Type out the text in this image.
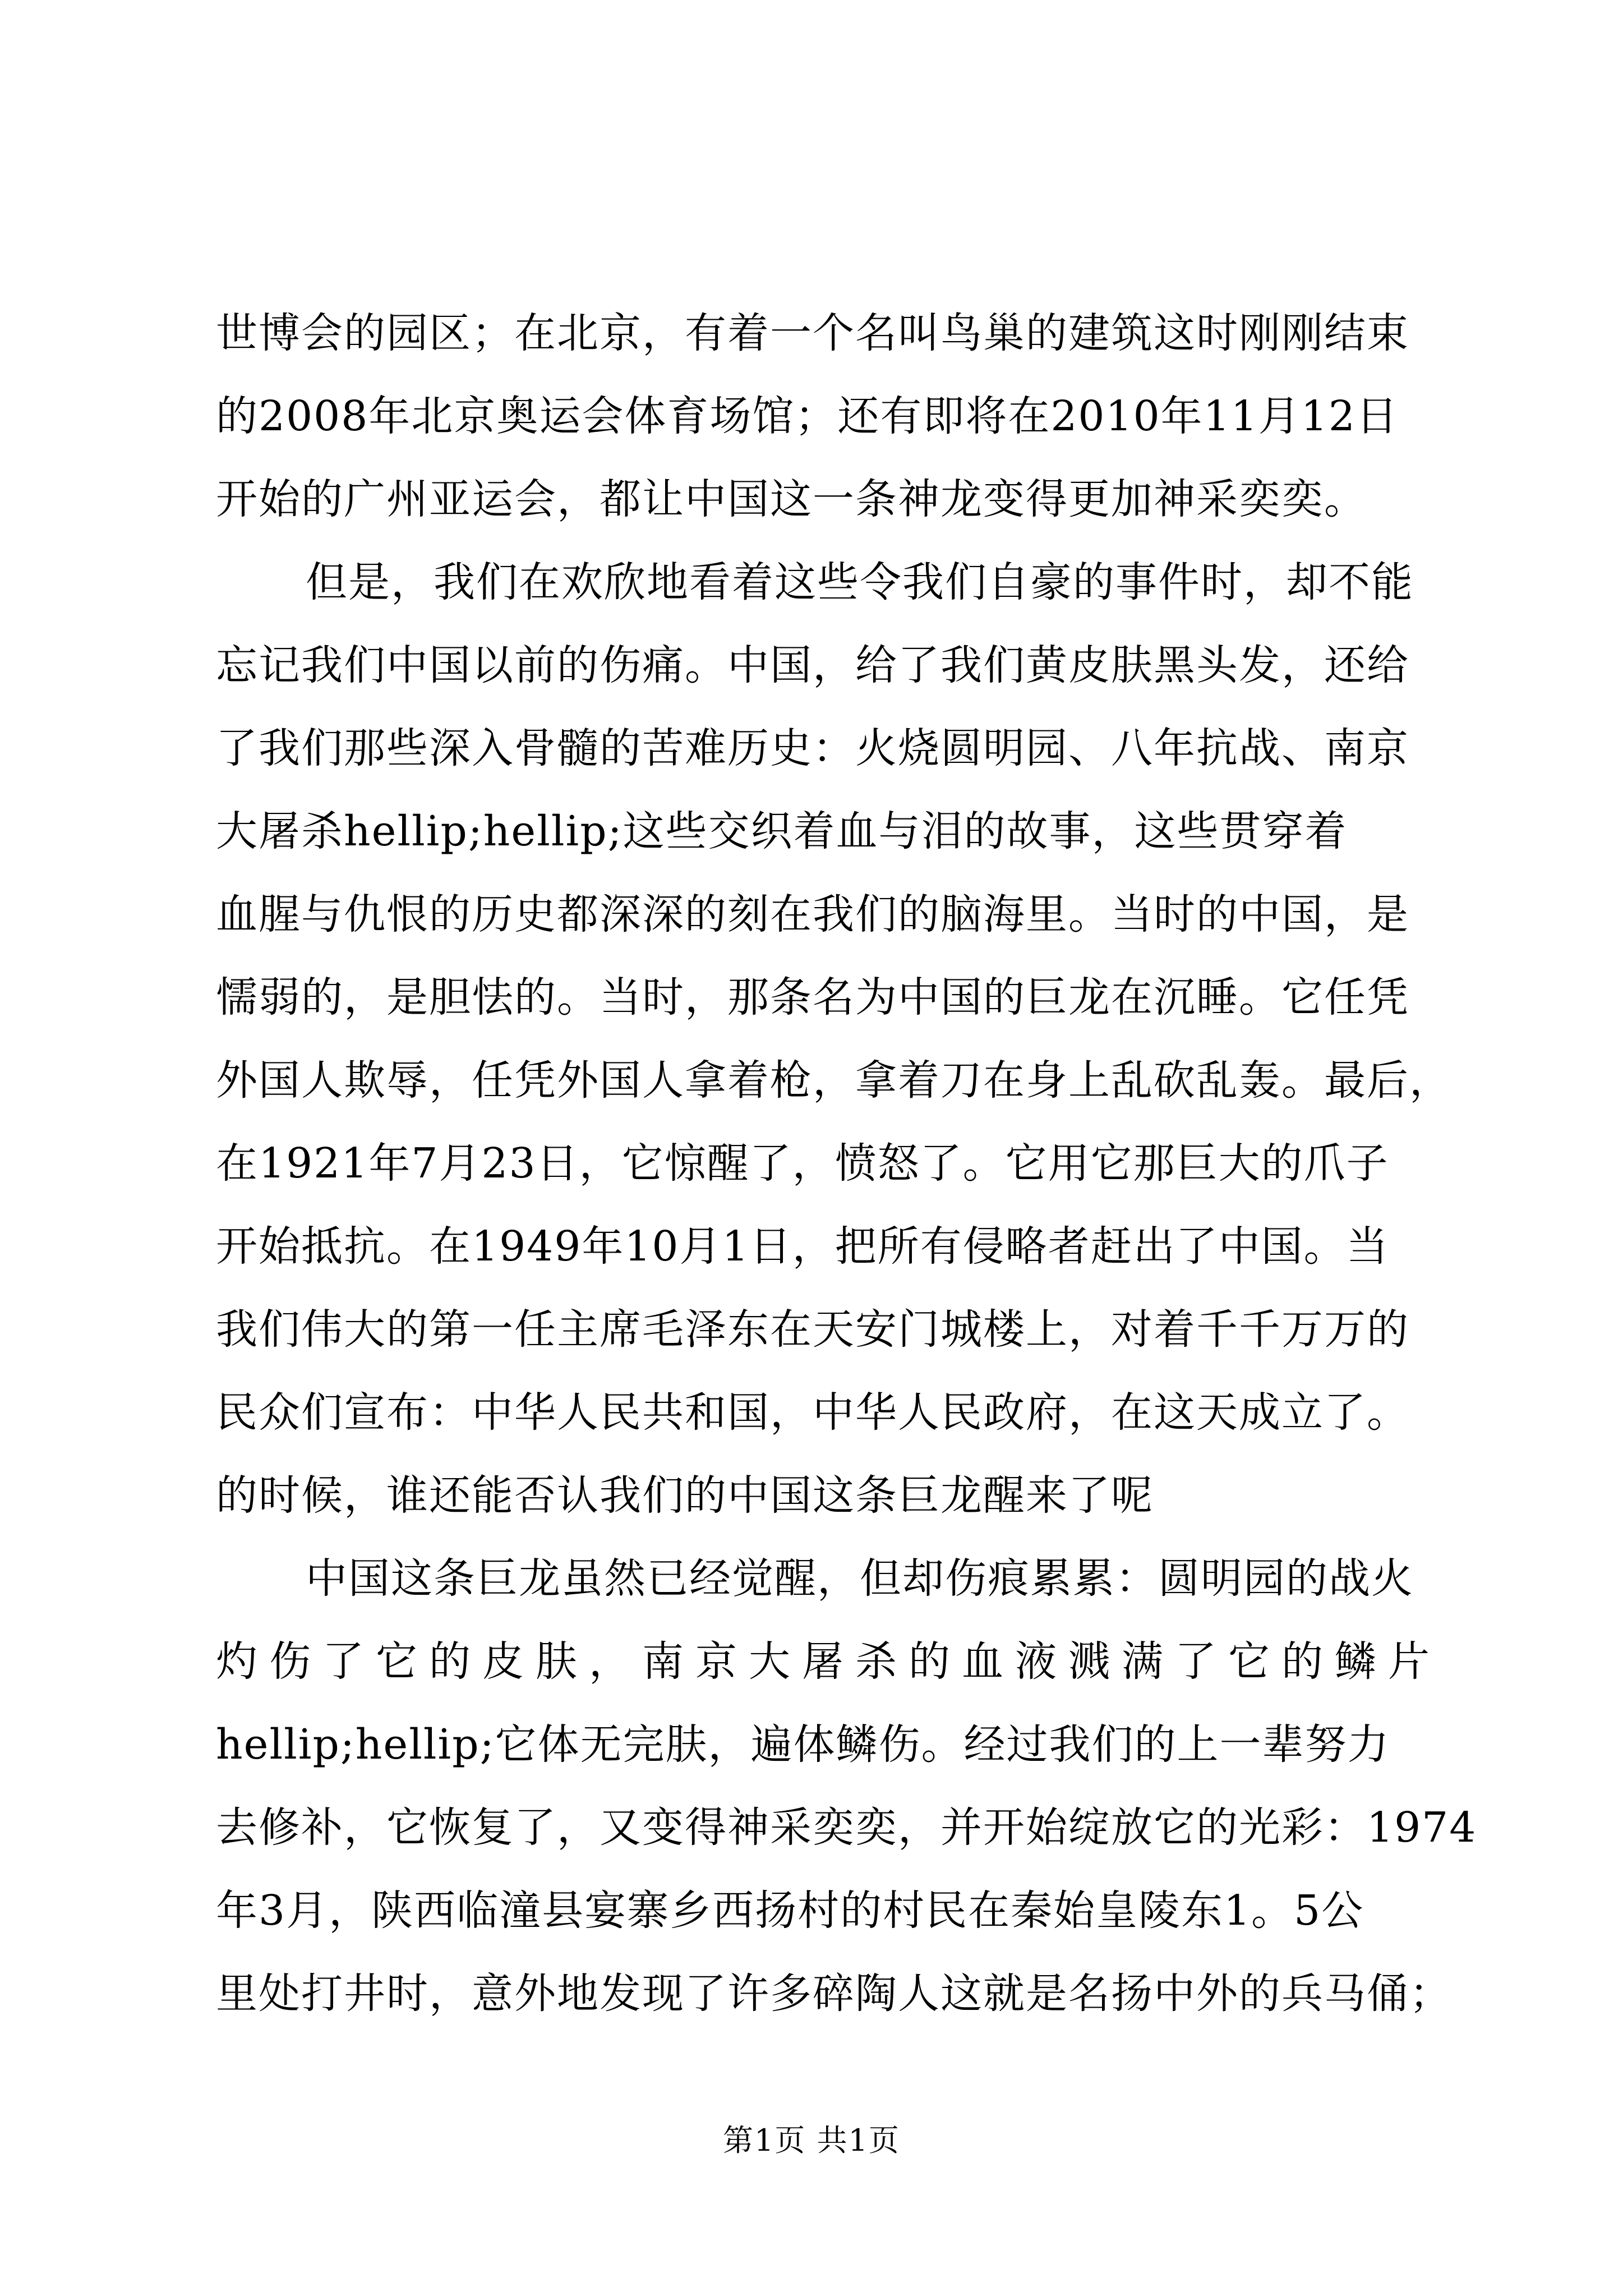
世博会的园区；在北京，有着一个名叫鸟巢的建筑这时刚刚结束
的2008年北京奥运会体育场馆；还有即将在2010年11月12日
开始的广州亚运会，都让中国这一条神龙变得更加神采奕奕。
但是，我们在欢欣地看着这些令我们自豪的事件时，却不能
忘记我们中国以前的伤痛。中国，给了我们黄皮肤黑头发，还给
了我们那些深入骨髓的苦难历史：火烧圆明园、八年抗战、南京
大屠杀hellip;hellip;这些交织着血与泪的故事，这些贯穿着
血腥与仇恨的历史都深深的刻在我们的脑海里。当时的中国，是
懦弱的，是胆怯的。当时，那条名为中国的巨龙在沉睡。它任凭
外国人欺辱，任凭外国人拿着枪，拿着刀在身上乱砍乱轰。最后，
在1921年7月23日，它惊醒了，愤怒了。它用它那巨大的爪子
开始抵抗。在1949年10月1日，把所有侵略者赶出了中国。当
我们伟大的第一任主席毛泽东在天安门城楼上，对着千千万万的
民众们宣布：中华人民共和国，中华人民政府，在这天成立了。
的时候，谁还能否认我们的中国这条巨龙醒来了呢
中国这条巨龙虽然已经觉醒，但却伤痕累累：圆明园的战火
灼伤了它的皮肤，南京大屠杀的血液溅满了它的鳞片
hellip;hellip;它体无完肤，遍体鳞伤。经过我们的上一辈努力
去修补，它恢复了，又变得神采奕奕，并开始绽放它的光彩：1974
年3月，陕西临潼县宴寨乡西扬村的村民在秦始皇陵东1。5公
里处打井时，意外地发现了许多碎陶人这就是名扬中外的兵马俑；
第1页 共1页
